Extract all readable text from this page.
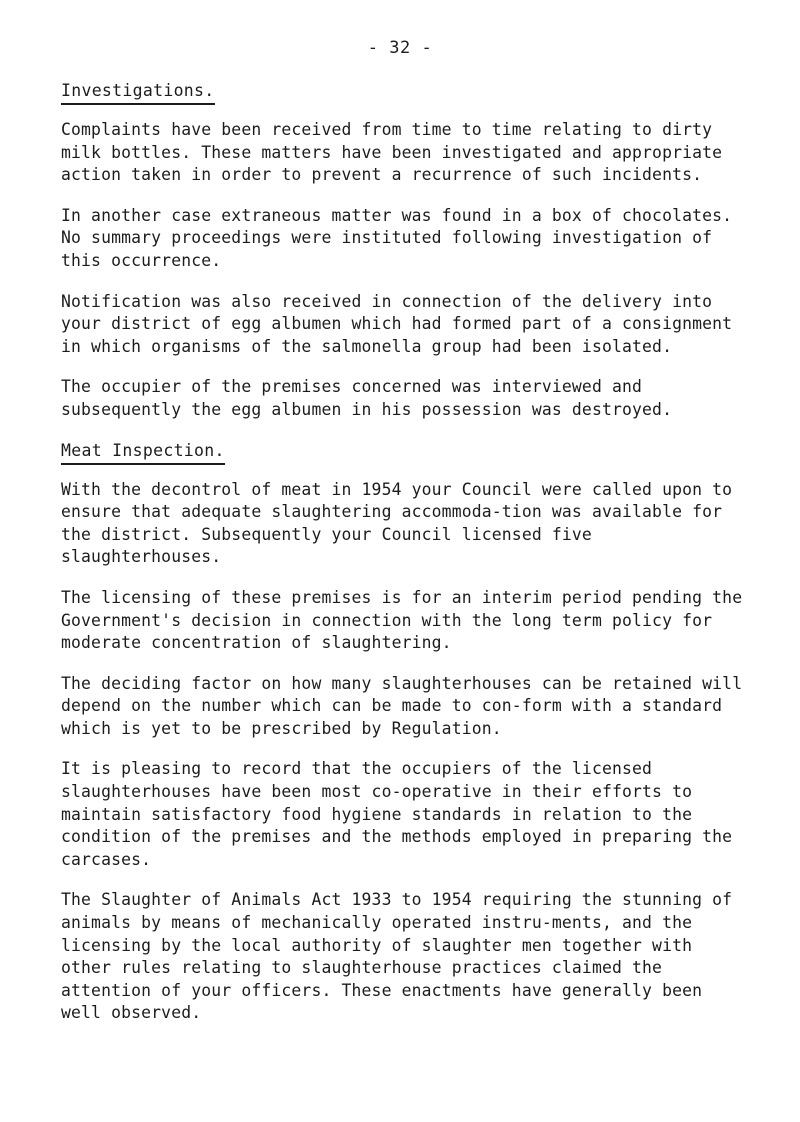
- 32 -
Investigations.

Complaints have been received from time to time relating to dirty milk bottles. These matters have been investigated and appropriate action taken in order to prevent a recurrence of such incidents.

In another case extraneous matter was found in a box of chocolates. No summary proceedings were instituted following investigation of this occurrence.

Notification was also received in connection of the delivery into your district of egg albumen which had formed part of a consignment in which organisms of the salmonella group had been isolated.

The occupier of the premises concerned was interviewed and subsequently the egg albumen in his possession was destroyed.

Meat Inspection.

With the decontrol of meat in 1954 your Council were called upon to ensure that adequate slaughtering accommoda-tion was available for the district. Subsequently your Council licensed five slaughterhouses.

The licensing of these premises is for an interim period pending the Government's decision in connection with the long term policy for moderate concentration of slaughtering.

The deciding factor on how many slaughterhouses can be retained will depend on the number which can be made to con-form with a standard which is yet to be prescribed by Regulation.

It is pleasing to record that the occupiers of the licensed slaughterhouses have been most co-operative in their efforts to maintain satisfactory food hygiene standards in relation to the condition of the premises and the methods employed in preparing the carcases.

The Slaughter of Animals Act 1933 to 1954 requiring the stunning of animals by means of mechanically operated instru-ments, and the licensing by the local authority of slaughter men together with other rules relating to slaughterhouse practices claimed the attention of your officers. These enactments have generally been well observed.
